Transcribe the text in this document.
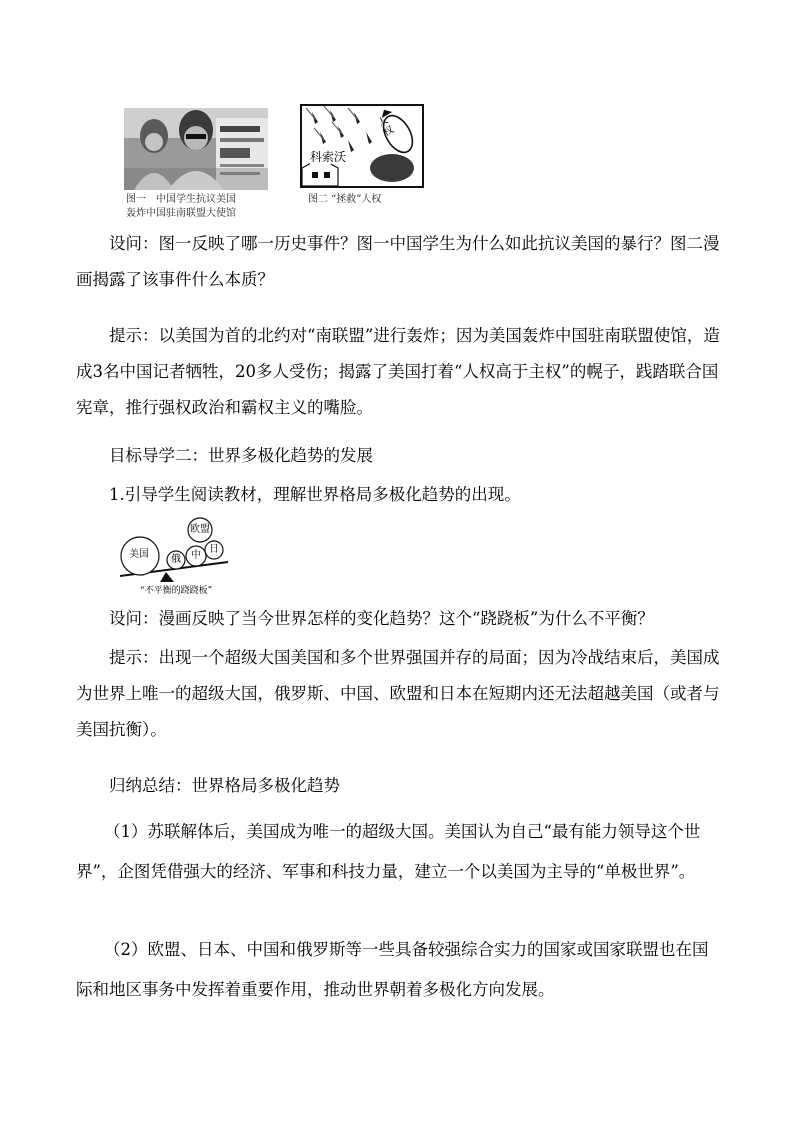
图一　中国学生抗议美国
轰炸中国驻南联盟大使馆
科索沃
人权
图二 “拯救”人权

设问：图一反映了哪一历史事件？图一中国学生为什么如此抗议美国的暴行？图二漫画揭露了该事件什么本质？

提示：以美国为首的北约对“南联盟”进行轰炸；因为美国轰炸中国驻南联盟使馆，造成3名中国记者牺牲，20多人受伤；揭露了美国打着“人权高于主权”的幌子，践踏联合国宪章，推行强权政治和霸权主义的嘴脸。

目标导学二：世界多极化趋势的发展

1.引导学生阅读教材，理解世界格局多极化趋势的出现。

美国 俄 中
欧盟
日
“不平衡的跷跷板”

设问：漫画反映了当今世界怎样的变化趋势？这个“跷跷板”为什么不平衡？

提示：出现一个超级大国美国和多个世界强国并存的局面；因为冷战结束后，美国成为世界上唯一的超级大国，俄罗斯、中国、欧盟和日本在短期内还无法超越美国（或者与美国抗衡）。

归纳总结：世界格局多极化趋势

（1）苏联解体后，美国成为唯一的超级大国。美国认为自己“最有能力领导这个世界”，企图凭借强大的经济、军事和科技力量，建立一个以美国为主导的“单极世界”。

（2）欧盟、日本、中国和俄罗斯等一些具备较强综合实力的国家或国家联盟也在国际和地区事务中发挥着重要作用，推动世界朝着多极化方向发展。
